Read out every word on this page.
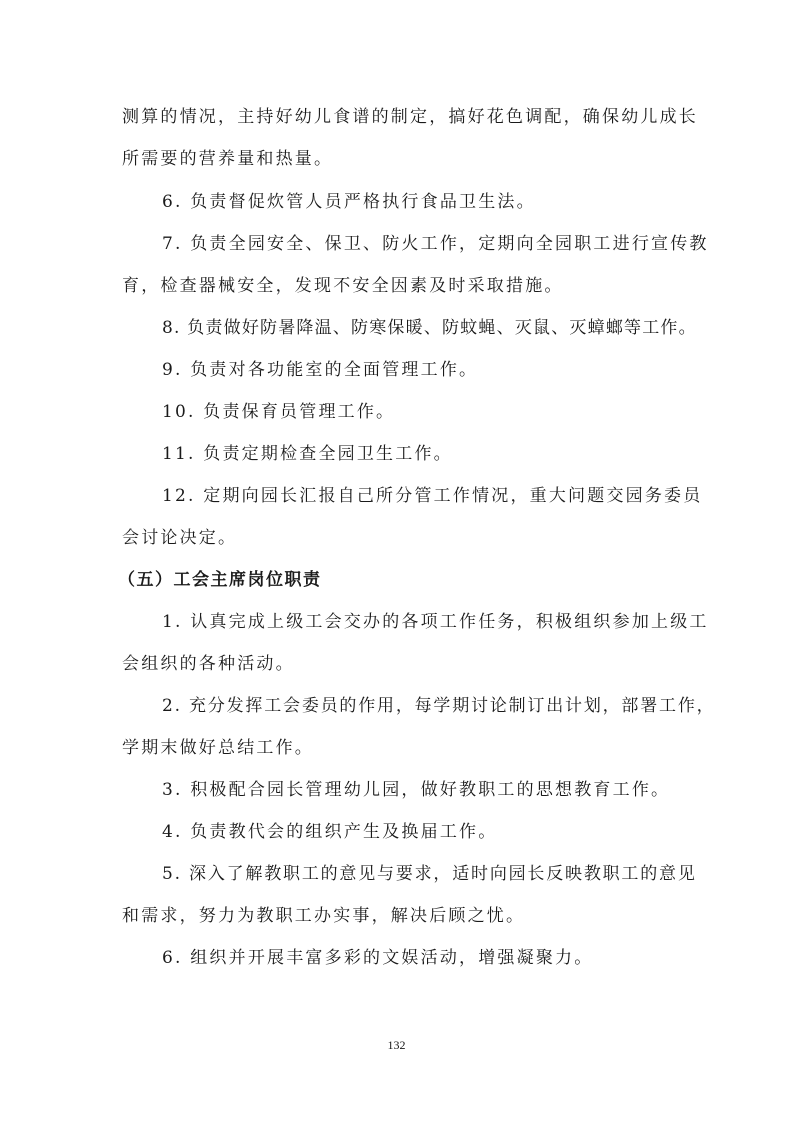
测算的情况，主持好幼儿食谱的制定，搞好花色调配，确保幼儿成长
所需要的营养量和热量。
6. 负责督促炊管人员严格执行食品卫生法。
7. 负责全园安全、保卫、防火工作，定期向全园职工进行宣传教
育，检查器械安全，发现不安全因素及时采取措施。
8. 负责做好防暑降温、防寒保暖、防蚊蝇、灭鼠、灭蟑螂等工作。
9. 负责对各功能室的全面管理工作。
10. 负责保育员管理工作。
11. 负责定期检查全园卫生工作。
12. 定期向园长汇报自己所分管工作情况，重大问题交园务委员
会讨论决定。
（五）工会主席岗位职责
1. 认真完成上级工会交办的各项工作任务，积极组织参加上级工
会组织的各种活动。
2. 充分发挥工会委员的作用，每学期讨论制订出计划，部署工作，
学期末做好总结工作。
3. 积极配合园长管理幼儿园，做好教职工的思想教育工作。
4. 负责教代会的组织产生及换届工作。
5. 深入了解教职工的意见与要求，适时向园长反映教职工的意见
和需求，努力为教职工办实事，解决后顾之忧。
6. 组织并开展丰富多彩的文娱活动，增强凝聚力。
132
